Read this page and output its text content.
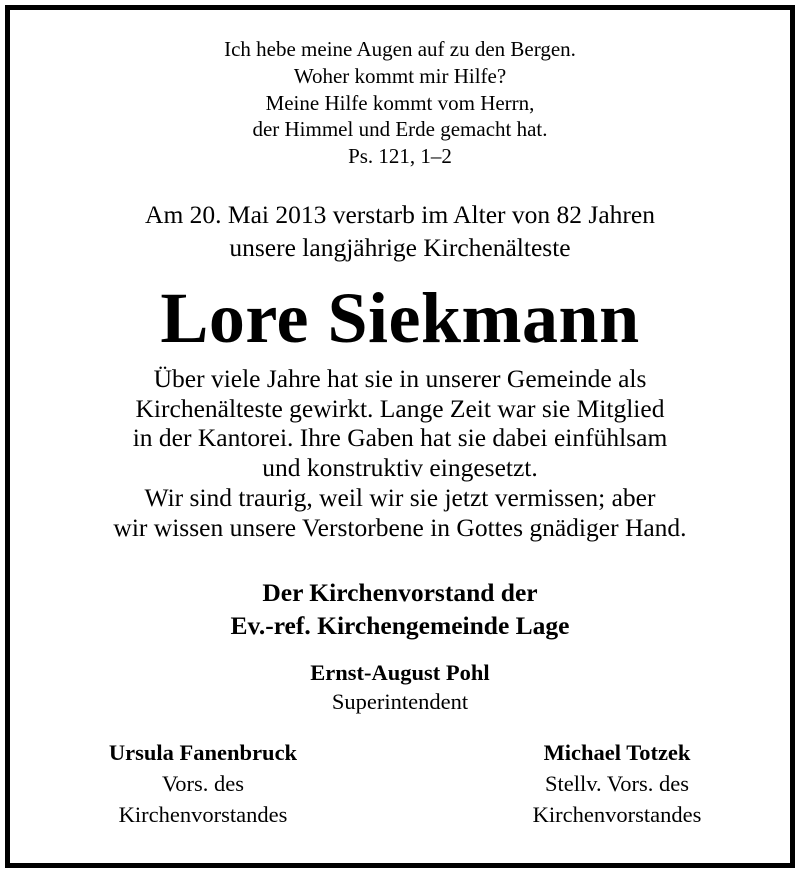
Ich hebe meine Augen auf zu den Bergen.
Woher kommt mir Hilfe?
Meine Hilfe kommt vom Herrn,
der Himmel und Erde gemacht hat.
Ps. 121, 1–2
Am 20. Mai 2013 verstarb im Alter von 82 Jahren
unsere langjährige Kirchenälteste
Lore Siekmann
Über viele Jahre hat sie in unserer Gemeinde als
Kirchenälteste gewirkt. Lange Zeit war sie Mitglied
in der Kantorei. Ihre Gaben hat sie dabei einfühlsam
und konstruktiv eingesetzt.
Wir sind traurig, weil wir sie jetzt vermissen; aber
wir wissen unsere Verstorbene in Gottes gnädiger Hand.
Der Kirchenvorstand der
Ev.-ref. Kirchengemeinde Lage
Ernst-August Pohl
Superintendent
Ursula Fanenbruck
Vors. des
Kirchenvorstandes
Michael Totzek
Stellv. Vors. des
Kirchenvorstandes
